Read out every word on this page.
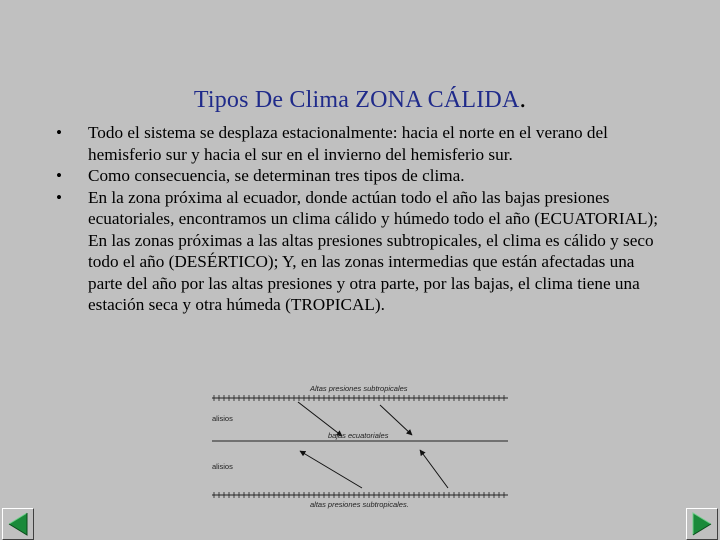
Tipos De Clima ZONA CÁLIDA.
•	Todo el sistema se desplaza estacionalmente: hacia el norte en el verano del hemisferio sur y hacia el sur en el invierno del hemisferio sur.
•	Como consecuencia, se determinan tres tipos de clima.
•	En la zona próxima al ecuador, donde actúan todo el año las bajas presiones ecuatoriales, encontramos un clima cálido y húmedo todo el año (ECUATORIAL); En las zonas próximas a las altas presiones subtropicales, el clima es cálido y seco todo el año (DESÉRTICO); Y, en las zonas intermedias que están afectadas una parte del año por las altas presiones y otra parte, por las bajas, el clima tiene una estación seca y otra húmeda (TROPICAL).
Altas presiones subtropicales
alisios
bajas ecuatoriales
alisios
altas presiones subtropicales.
